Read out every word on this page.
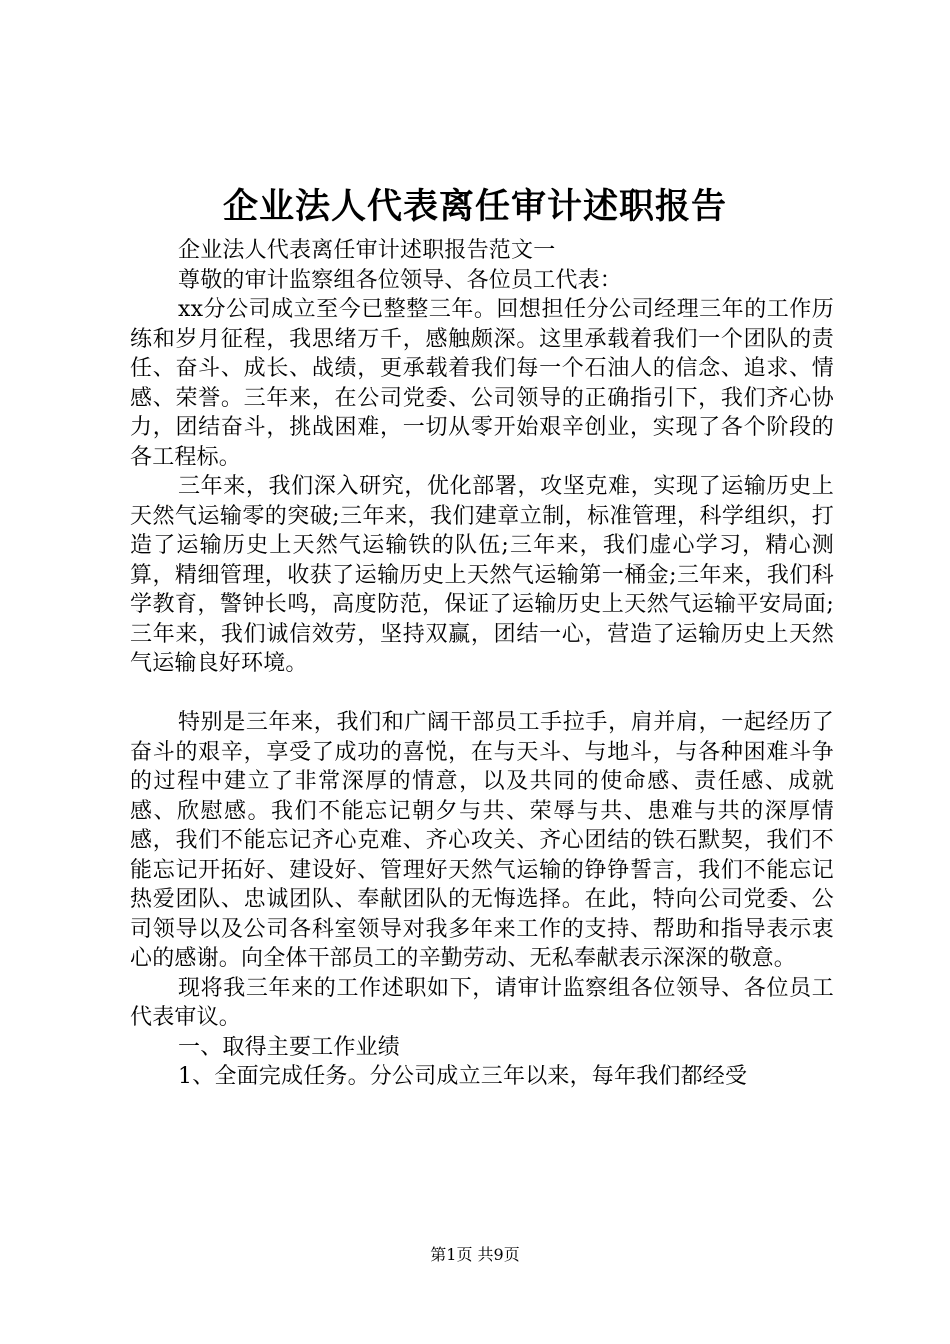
企业法人代表离任审计述职报告

企业法人代表离任审计述职报告范文一

尊敬的审计监察组各位领导、各位员工代表：

xx分公司成立至今已整整三年。回想担任分公司经理三年的工作历练和岁月征程，我思绪万千，感触颇深。这里承载着我们一个团队的责任、奋斗、成长、战绩，更承载着我们每一个石油人的信念、追求、情感、荣誉。三年来，在公司党委、公司领导的正确指引下，我们齐心协力，团结奋斗，挑战困难，一切从零开始艰辛创业，实现了各个阶段的各工程标。

三年来，我们深入研究，优化部署，攻坚克难，实现了运输历史上天然气运输零的突破;三年来，我们建章立制，标准管理，科学组织，打造了运输历史上天然气运输铁的队伍;三年来，我们虚心学习，精心测算，精细管理，收获了运输历史上天然气运输第一桶金;三年来，我们科学教育，警钟长鸣，高度防范，保证了运输历史上天然气运输平安局面;三年来，我们诚信效劳，坚持双赢，团结一心，营造了运输历史上天然气运输良好环境。

特别是三年来，我们和广阔干部员工手拉手，肩并肩，一起经历了奋斗的艰辛，享受了成功的喜悦，在与天斗、与地斗，与各种困难斗争的过程中建立了非常深厚的情意，以及共同的使命感、责任感、成就感、欣慰感。我们不能忘记朝夕与共、荣辱与共、患难与共的深厚情感，我们不能忘记齐心克难、齐心攻关、齐心团结的铁石默契，我们不能忘记开拓好、建设好、管理好天然气运输的铮铮誓言，我们不能忘记热爱团队、忠诚团队、奉献团队的无悔选择。在此，特向公司党委、公司领导以及公司各科室领导对我多年来工作的支持、帮助和指导表示衷心的感谢。向全体干部员工的辛勤劳动、无私奉献表示深深的敬意。

现将我三年来的工作述职如下，请审计监察组各位领导、各位员工代表审议。

一、取得主要工作业绩

1、全面完成任务。分公司成立三年以来，每年我们都经受

第1页 共9页
